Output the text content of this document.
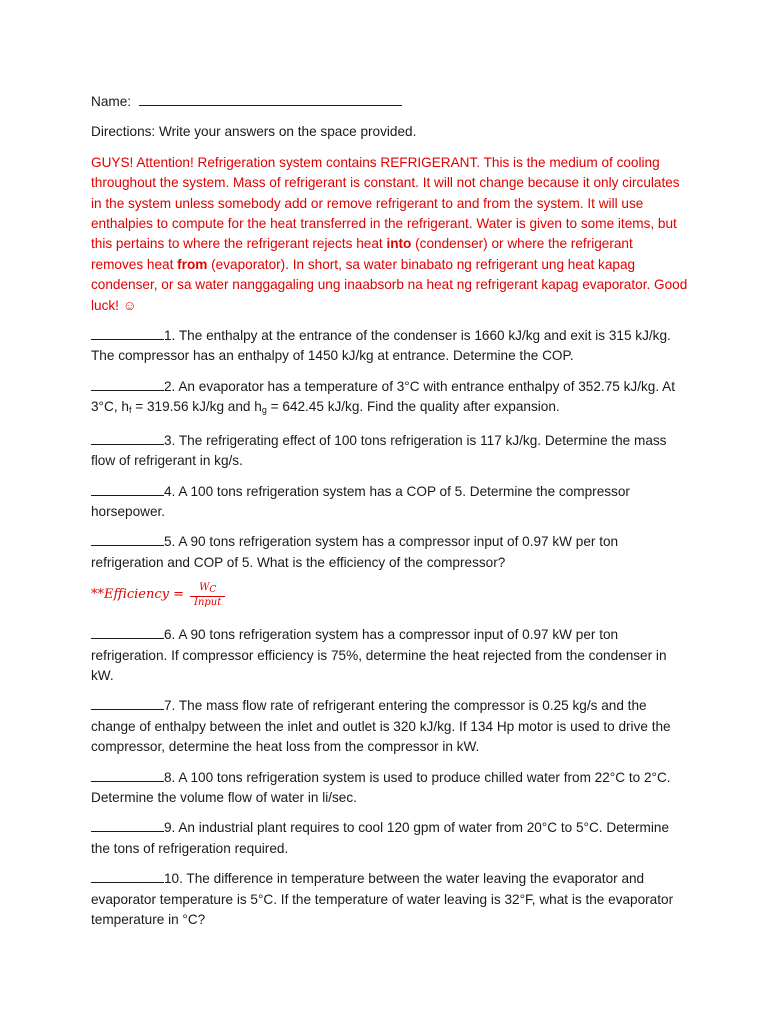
Name:
Directions: Write your answers on the space provided.
GUYS! Attention! Refrigeration system contains REFRIGERANT. This is the medium of cooling throughout the system. Mass of refrigerant is constant. It will not change because it only circulates in the system unless somebody add or remove refrigerant to and from the system. It will use enthalpies to compute for the heat transferred in the refrigerant. Water is given to some items, but this pertains to where the refrigerant rejects heat into (condenser) or where the refrigerant removes heat from (evaporator). In short, sa water binabato ng refrigerant ung heat kapag condenser, or sa water nanggagaling ung inaabsorb na heat ng refrigerant kapag evaporator. Good luck! ☺
1. The enthalpy at the entrance of the condenser is 1660 kJ/kg and exit is 315 kJ/kg. The compressor has an enthalpy of 1450 kJ/kg at entrance. Determine the COP.
2. An evaporator has a temperature of 3°C with entrance enthalpy of 352.75 kJ/kg. At 3°C, $h_f = 319.56$ kJ/kg and $h_g = 642.45$ kJ/kg. Find the quality after expansion.
3. The refrigerating effect of 100 tons refrigeration is 117 kJ/kg. Determine the mass flow of refrigerant in kg/s.
4. A 100 tons refrigeration system has a COP of 5. Determine the compressor horsepower.
5. A 90 tons refrigeration system has a compressor input of 0.97 kW per ton refrigeration and COP of 5. What is the efficiency of the compressor?
**Efficiency = $\frac{WC}{\text{Input}}$
6. A 90 tons refrigeration system has a compressor input of 0.97 kW per ton refrigeration. If compressor efficiency is 75%, determine the heat rejected from the condenser in kW.
7. The mass flow rate of refrigerant entering the compressor is 0.25 kg/s and the change of enthalpy between the inlet and outlet is 320 kJ/kg. If 134 Hp motor is used to drive the compressor, determine the heat loss from the compressor in kW.
8. A 100 tons refrigeration system is used to produce chilled water from 22°C to 2°C. Determine the volume flow of water in li/sec.
9. An industrial plant requires to cool 120 gpm of water from 20°C to 5°C. Determine the tons of refrigeration required.
10. The difference in temperature between the water leaving the evaporator and evaporator temperature is 5°C. If the temperature of water leaving is 32°F, what is the evaporator temperature in °C?
